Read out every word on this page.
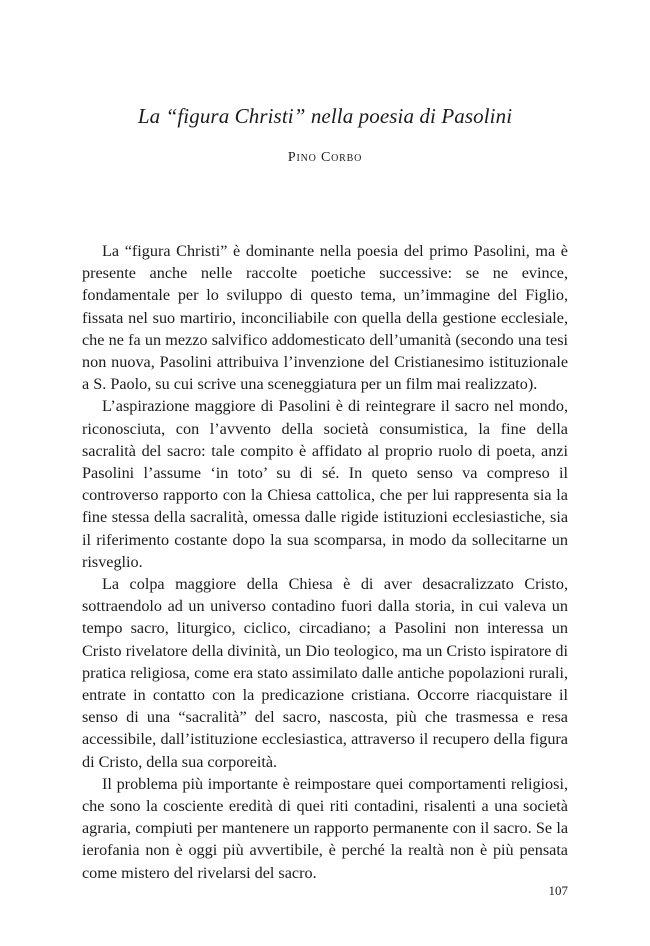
La “figura Christi” nella poesia di Pasolini
Pino Corbo

La “figura Christi” è dominante nella poesia del primo Pasolini, ma è presente anche nelle raccolte poetiche successive: se ne evince, fondamentale per lo sviluppo di questo tema, un’immagine del Figlio, fissata nel suo martirio, inconciliabile con quella della gestione ecclesiale, che ne fa un mezzo salvifico addomesticato dell’umanità (secondo una tesi non nuova, Pasolini attribuiva l’invenzione del Cristianesimo istituzionale a S. Paolo, su cui scrive una sceneggiatura per un film mai realizzato).

L’aspirazione maggiore di Pasolini è di reintegrare il sacro nel mondo, riconosciuta, con l’avvento della società consumistica, la fine della sacralità del sacro: tale compito è affidato al proprio ruolo di poeta, anzi Pasolini l’assume ‘in toto’ su di sé. In queto senso va compreso il controverso rapporto con la Chiesa cattolica, che per lui rappresenta sia la fine stessa della sacralità, omessa dalle rigide istituzioni ecclesiastiche, sia il riferimento costante dopo la sua scomparsa, in modo da sollecitarne un risveglio.

La colpa maggiore della Chiesa è di aver desacralizzato Cristo, sottraendolo ad un universo contadino fuori dalla storia, in cui valeva un tempo sacro, liturgico, ciclico, circadiano; a Pasolini non interessa un Cristo rivelatore della divinità, un Dio teologico, ma un Cristo ispiratore di pratica religiosa, come era stato assimilato dalle antiche popolazioni rurali, entrate in contatto con la predicazione cristiana. Occorre riacquistare il senso di una “sacralità” del sacro, nascosta, più che trasmessa e resa accessibile, dall’istituzione ecclesiastica, attraverso il recupero della figura di Cristo, della sua corporeità.

Il problema più importante è reimpostare quei comportamenti religiosi, che sono la cosciente eredità di quei riti contadini, risalenti a una società agraria, compiuti per mantenere un rapporto permanente con il sacro. Se la ierofania non è oggi più avvertibile, è perché la realtà non è più pensata come mistero del rivelarsi del sacro.

107
